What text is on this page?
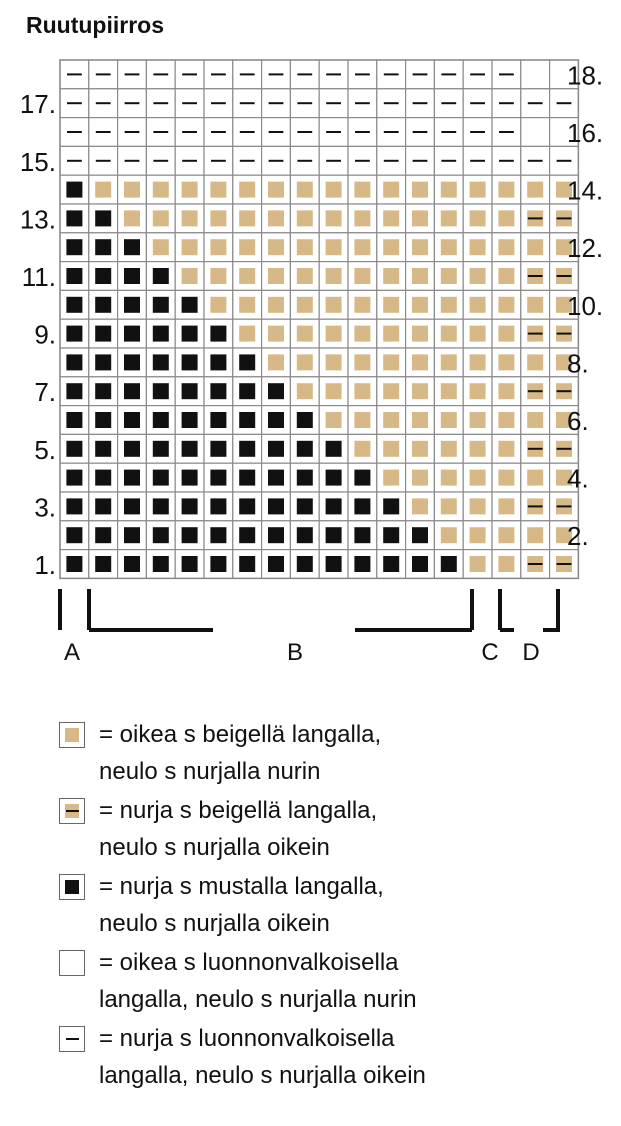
Ruutupiirros
17.
15.
13.
11.
9.
7.
5.
3.
1.
18.
16.
14.
12.
10.
8.
6.
4.
2.
A	B	C D
= oikea s beigellä langalla,
neulo s nurjalla nurin
= nurja s beigellä langalla,
neulo s nurjalla oikein
= nurja s mustalla langalla,
neulo s nurjalla oikein
= oikea s luonnonvalkoisella
langalla, neulo s nurjalla nurin
= nurja s luonnonvalkoisella
langalla, neulo s nurjalla oikein
